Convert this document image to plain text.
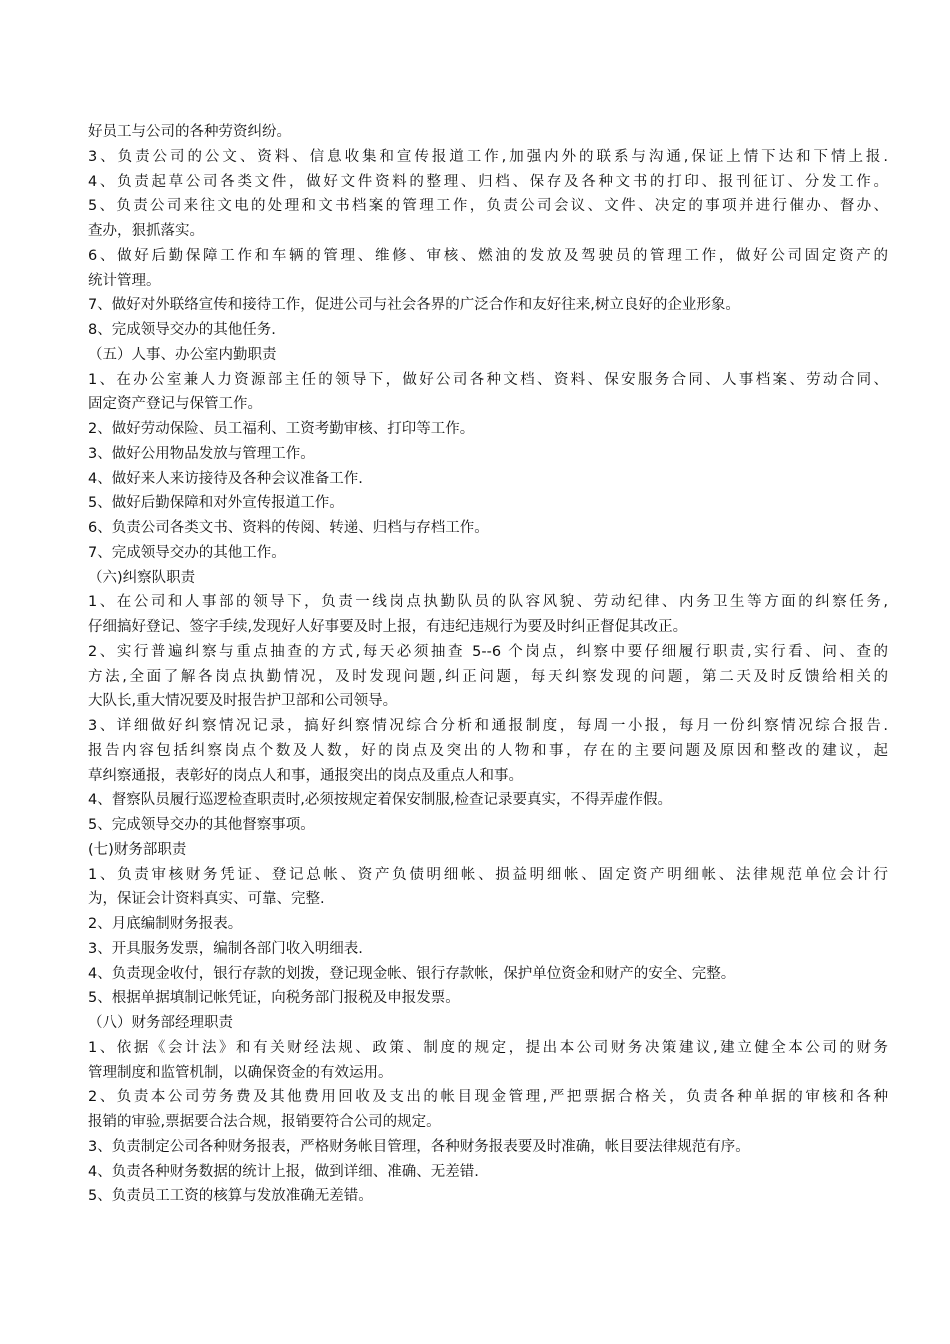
好员工与公司的各种劳资纠纷。
3、负责公司的公文、资料、信息收集和宣传报道工作,加强内外的联系与沟通,保证上情下达和下情上报.
4、负责起草公司各类文件，做好文件资料的整理、归档、保存及各种文书的打印、报刊征订、分发工作。
5、负责公司来往文电的处理和文书档案的管理工作，负责公司会议、文件、决定的事项并进行催办、督办、
查办，狠抓落实。
6、做好后勤保障工作和车辆的管理、维修、审核、燃油的发放及驾驶员的管理工作，做好公司固定资产的
统计管理。
7、做好对外联络宣传和接待工作，促进公司与社会各界的广泛合作和友好往来,树立良好的企业形象。
8、完成领导交办的其他任务.
（五）人事、办公室内勤职责
1、在办公室兼人力资源部主任的领导下，做好公司各种文档、资料、保安服务合同、人事档案、劳动合同、
固定资产登记与保管工作。
2、做好劳动保险、员工福利、工资考勤审核、打印等工作。
3、做好公用物品发放与管理工作。
4、做好来人来访接待及各种会议准备工作.
5、做好后勤保障和对外宣传报道工作。
6、负责公司各类文书、资料的传阅、转递、归档与存档工作。
7、完成领导交办的其他工作。
（六)纠察队职责
1、在公司和人事部的领导下，负责一线岗点执勤队员的队容风貌、劳动纪律、内务卫生等方面的纠察任务,
仔细搞好登记、签字手续,发现好人好事要及时上报，有违纪违规行为要及时纠正督促其改正。
2、实行普遍纠察与重点抽查的方式,每天必须抽查 5--6 个岗点，纠察中要仔细履行职责,实行看、问、查的
方法,全面了解各岗点执勤情况，及时发现问题,纠正问题，每天纠察发现的问题，第二天及时反馈给相关的
大队长,重大情况要及时报告护卫部和公司领导。
3、详细做好纠察情况记录，搞好纠察情况综合分析和通报制度，每周一小报，每月一份纠察情况综合报告.
报告内容包括纠察岗点个数及人数，好的岗点及突出的人物和事，存在的主要问题及原因和整改的建议，起
草纠察通报，表彰好的岗点人和事，通报突出的岗点及重点人和事。
4、督察队员履行巡逻检查职责时,必须按规定着保安制服,检查记录要真实，不得弄虚作假。
5、完成领导交办的其他督察事项。
(七)财务部职责
1、负责审核财务凭证、登记总帐、资产负债明细帐、损益明细帐、固定资产明细帐、法律规范单位会计行
为，保证会计资料真实、可靠、完整.
2、月底编制财务报表。
3、开具服务发票，编制各部门收入明细表.
4、负责现金收付，银行存款的划拨，登记现金帐、银行存款帐，保护单位资金和财产的安全、完整。
5、根据单据填制记帐凭证，向税务部门报税及申报发票。
（八）财务部经理职责
1、依据《会计法》和有关财经法规、政策、制度的规定，提出本公司财务决策建议,建立健全本公司的财务
管理制度和监管机制，以确保资金的有效运用。
2、负责本公司劳务费及其他费用回收及支出的帐目现金管理,严把票据合格关，负责各种单据的审核和各种
报销的审验,票据要合法合规，报销要符合公司的规定。
3、负责制定公司各种财务报表，严格财务帐目管理，各种财务报表要及时准确，帐目要法律规范有序。
4、负责各种财务数据的统计上报，做到详细、准确、无差错.
5、负责员工工资的核算与发放准确无差错。
